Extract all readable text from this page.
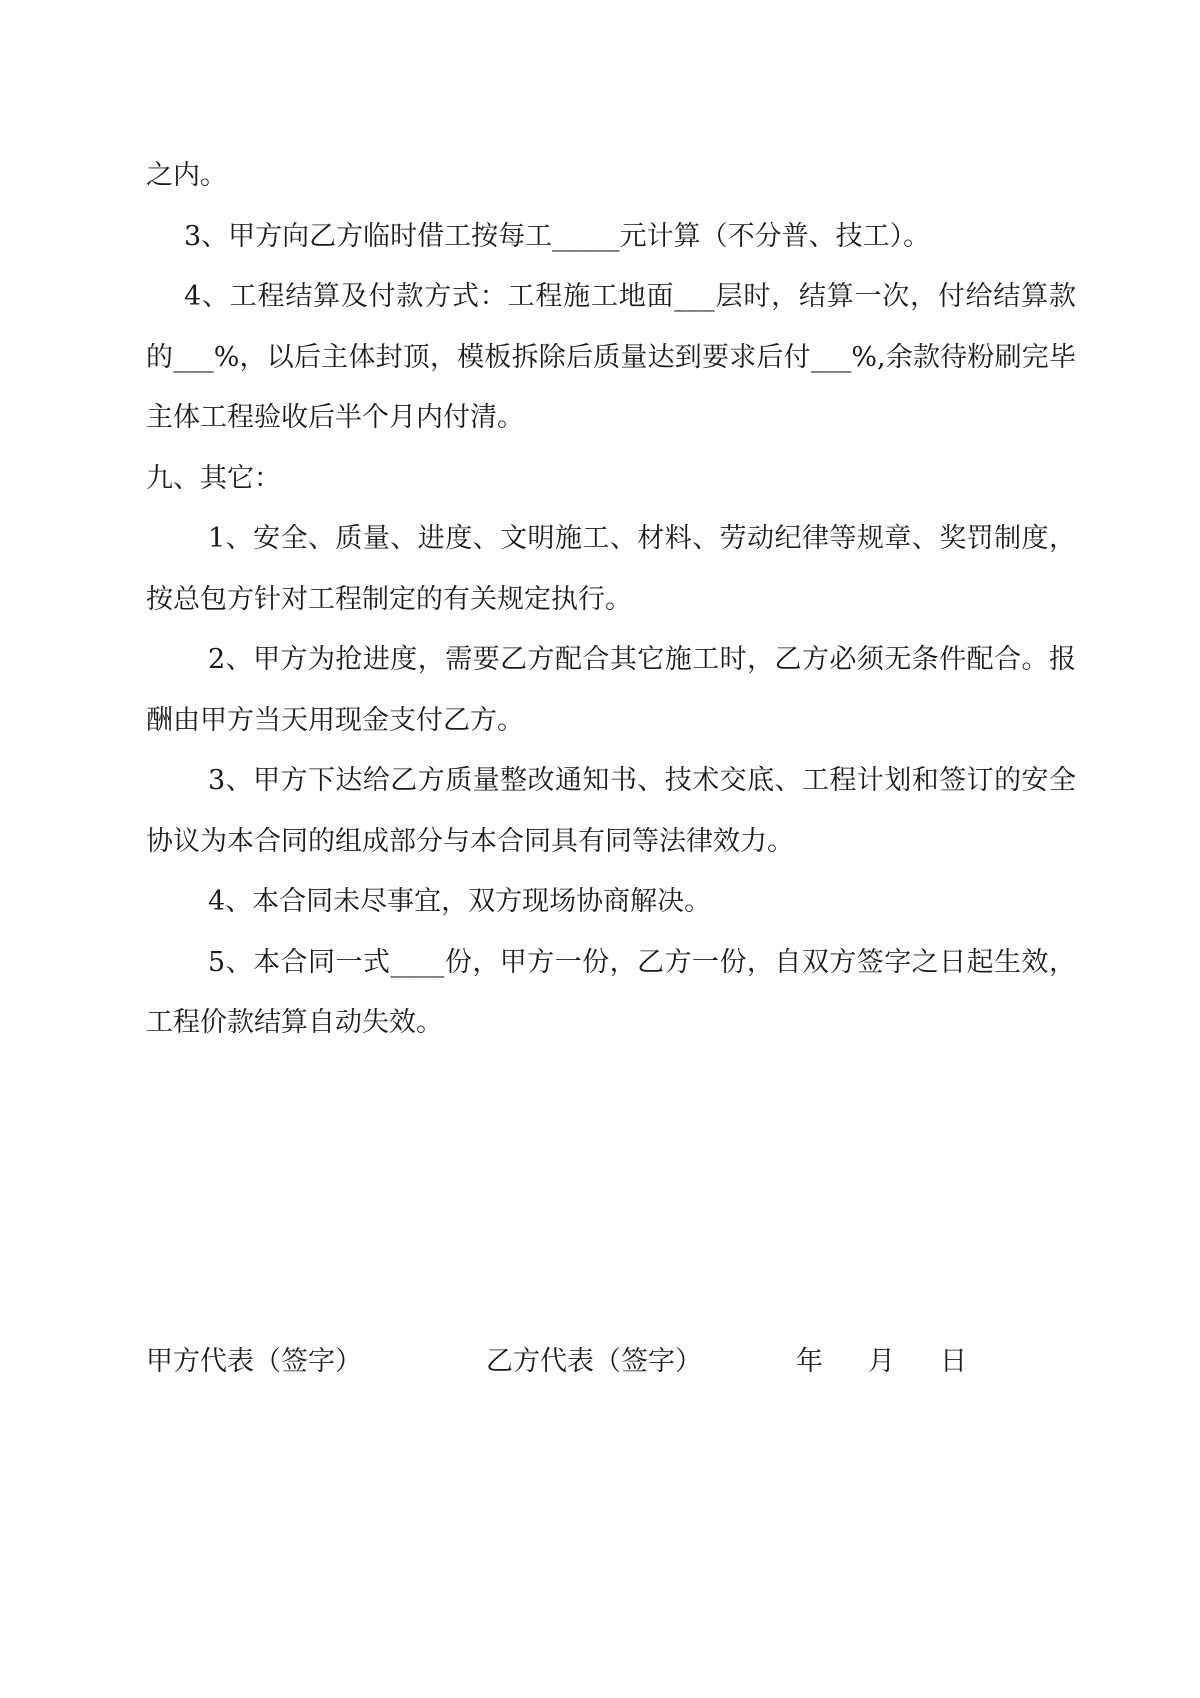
之内。

3、甲方向乙方临时借工按每工_____元计算（不分普、技工）。

4、工程结算及付款方式：工程施工地面___层时，结算一次，付给结算款的___%，以后主体封顶，模板拆除后质量达到要求后付___%,余款待粉刷完毕主体工程验收后半个月内付清。

九、其它：

1、安全、质量、进度、文明施工、材料、劳动纪律等规章、奖罚制度，按总包方针对工程制定的有关规定执行。

2、甲方为抢进度，需要乙方配合其它施工时，乙方必须无条件配合。报酬由甲方当天用现金支付乙方。

3、甲方下达给乙方质量整改通知书、技术交底、工程计划和签订的安全协议为本合同的组成部分与本合同具有同等法律效力。

4、本合同未尽事宜，双方现场协商解决。

5、本合同一式____份，甲方一份，乙方一份，自双方签字之日起生效，工程价款结算自动失效。

甲方代表（签字）	乙方代表（签字）	年 月 日
